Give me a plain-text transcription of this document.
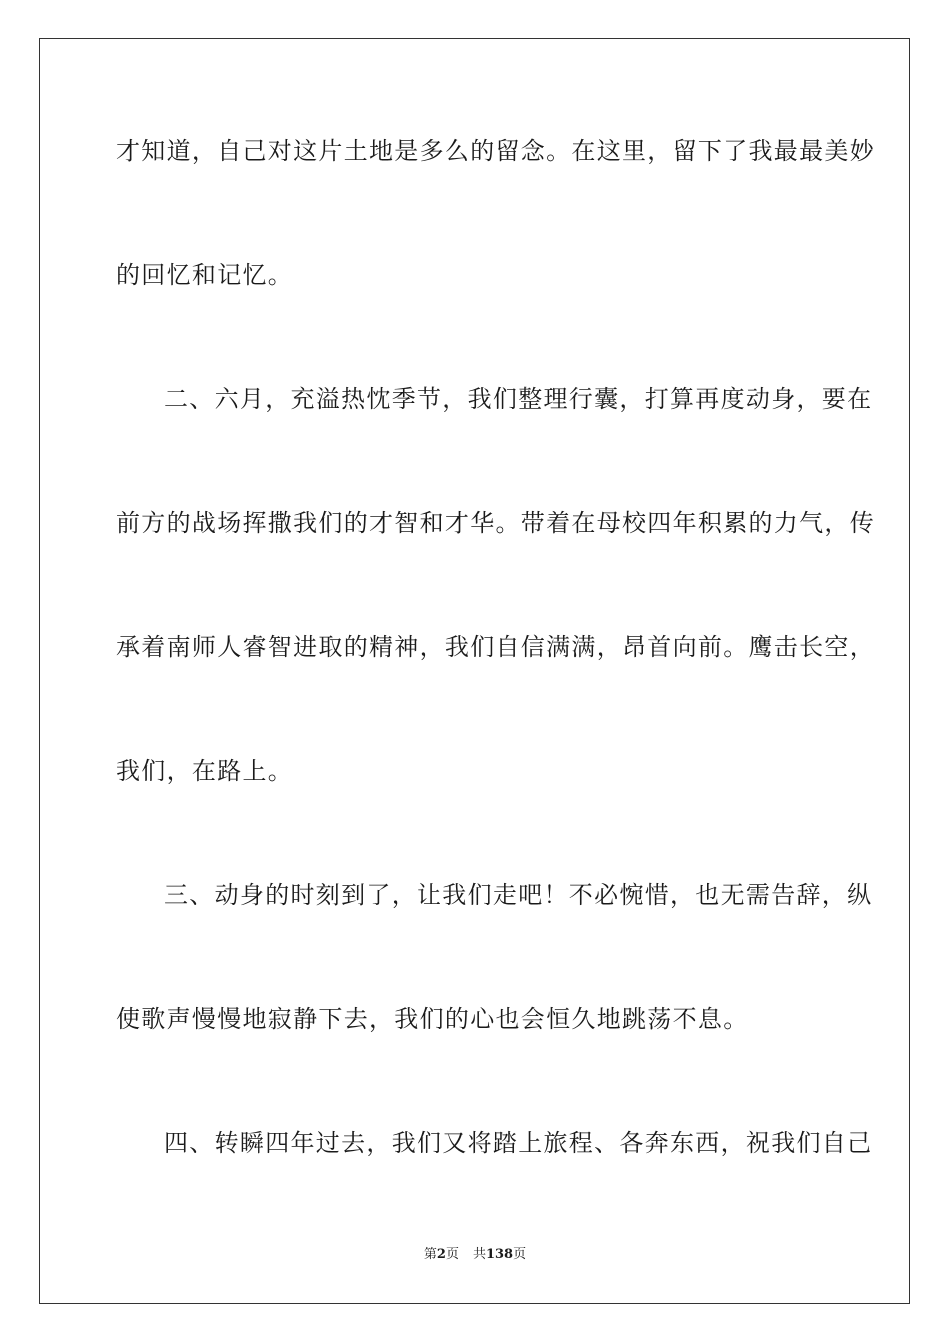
才知道，自己对这片土地是多么的留念。在这里，留下了我最最美妙
的回忆和记忆。
二、六月，充溢热忱季节，我们整理行囊，打算再度动身，要在
前方的战场挥撒我们的才智和才华。带着在母校四年积累的力气，传
承着南师人睿智进取的精神，我们自信满满，昂首向前。鹰击长空，
我们，在路上。
三、动身的时刻到了，让我们走吧！不必惋惜，也无需告辞，纵
使歌声慢慢地寂静下去，我们的心也会恒久地跳荡不息。
四、转瞬四年过去，我们又将踏上旅程、各奔东西，祝我们自己
第2页 共138页
